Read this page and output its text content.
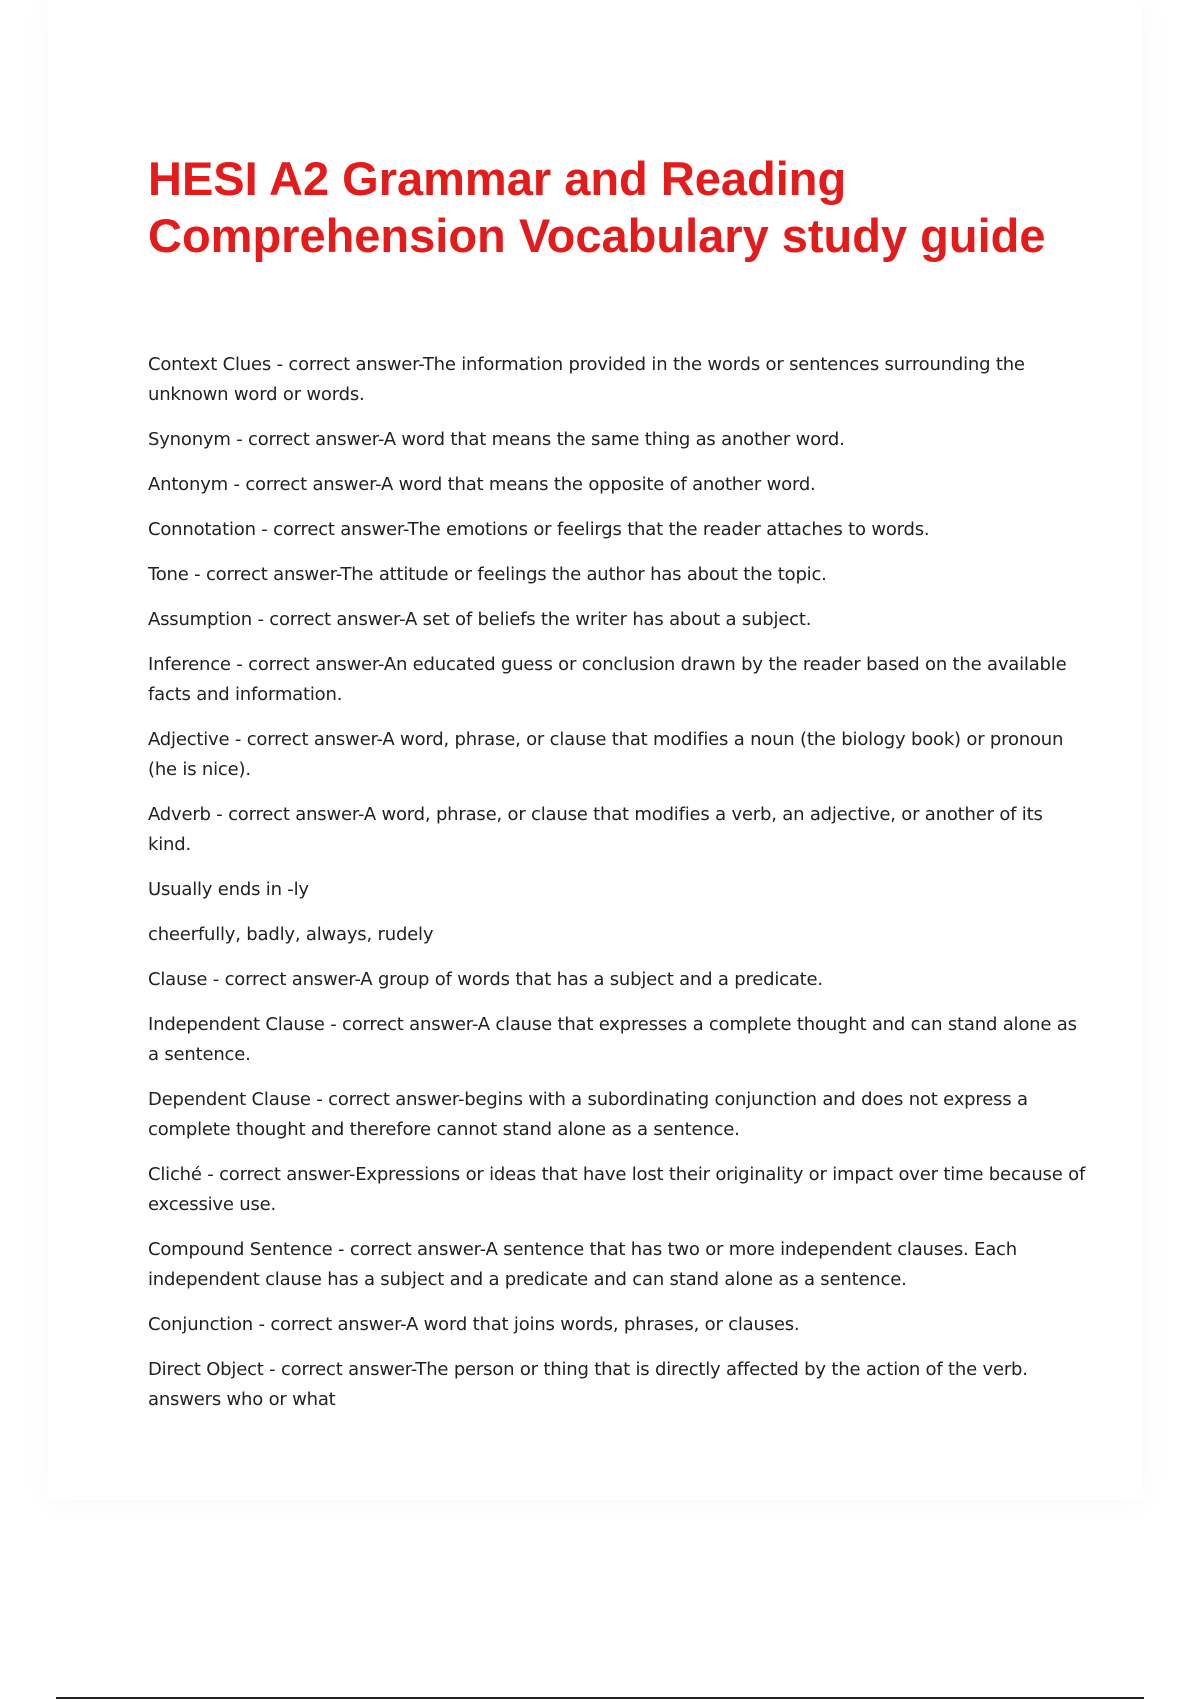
HESI A2 Grammar and Reading
Comprehension Vocabulary study guide

Context Clues - correct answer-The information provided in the words or sentences surrounding the unknown word or words.

Synonym - correct answer-A word that means the same thing as another word.

Antonym - correct answer-A word that means the opposite of another word.

Connotation - correct answer-The emotions or feelirgs that the reader attaches to words.

Tone - correct answer-The attitude or feelings the author has about the topic.

Assumption - correct answer-A set of beliefs the writer has about a subject.

Inference - correct answer-An educated guess or conclusion drawn by the reader based on the available facts and information.

Adjective - correct answer-A word, phrase, or clause that modifies a noun (the biology book) or pronoun (he is nice).

Adverb - correct answer-A word, phrase, or clause that modifies a verb, an adjective, or another of its kind.

Usually ends in -ly

cheerfully, badly, always, rudely

Clause - correct answer-A group of words that has a subject and a predicate.

Independent Clause - correct answer-A clause that expresses a complete thought and can stand alone as a sentence.

Dependent Clause - correct answer-begins with a subordinating conjunction and does not express a complete thought and therefore cannot stand alone as a sentence.

Cliché - correct answer-Expressions or ideas that have lost their originality or impact over time because of excessive use.

Compound Sentence - correct answer-A sentence that has two or more independent clauses. Each independent clause has a subject and a predicate and can stand alone as a sentence.

Conjunction - correct answer-A word that joins words, phrases, or clauses.

Direct Object - correct answer-The person or thing that is directly affected by the action of the verb. answers who or what
